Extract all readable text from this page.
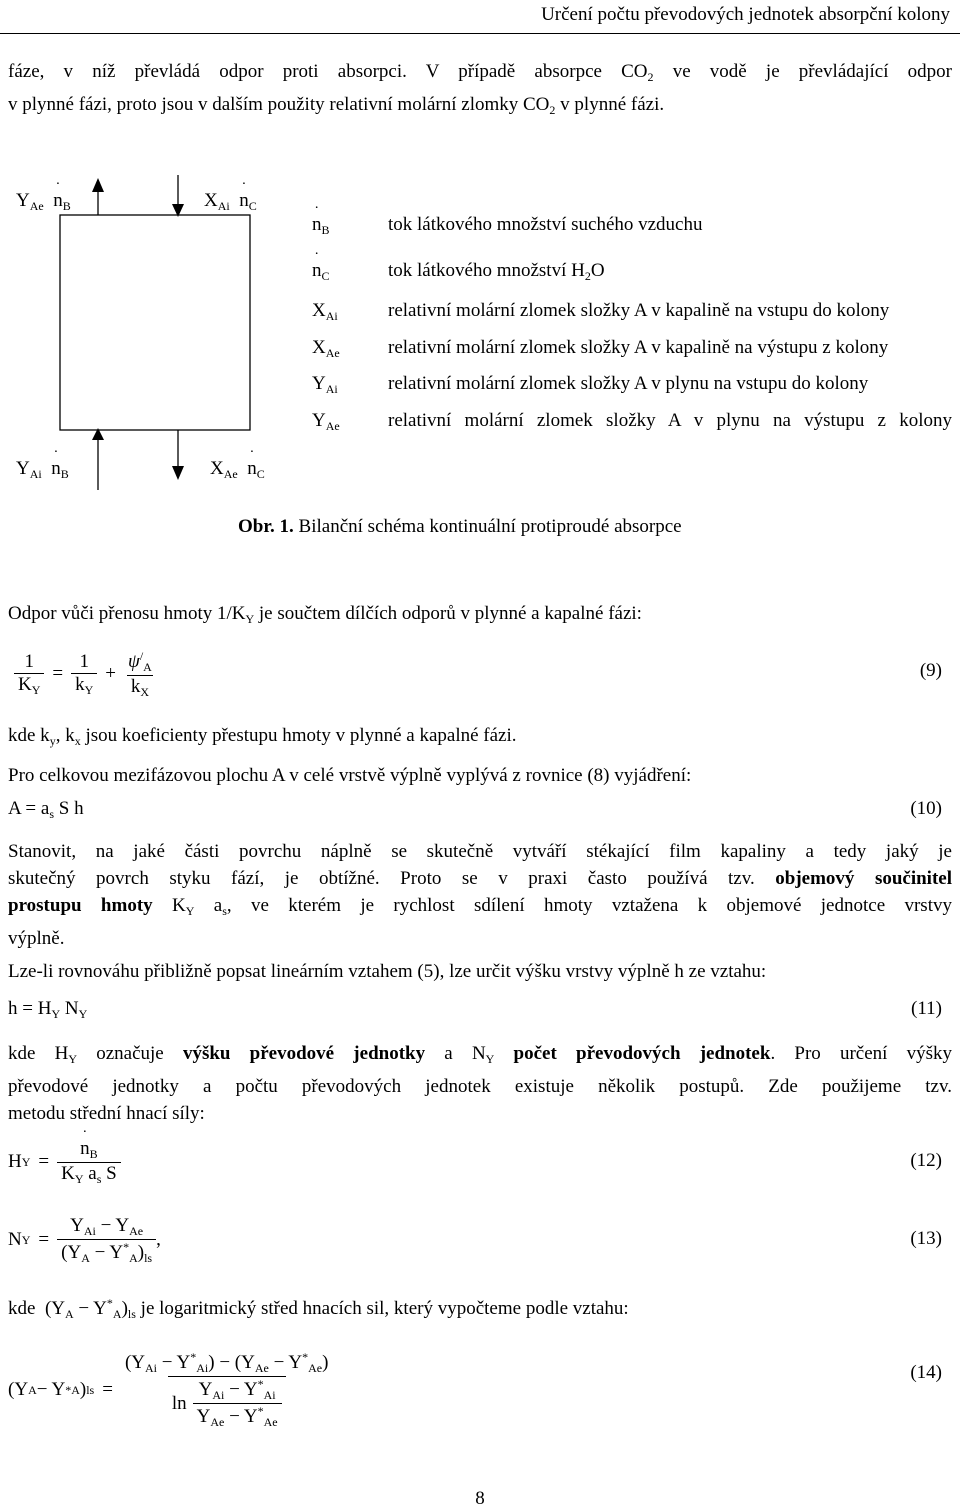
Určení počtu převodových jednotek absorpční kolony
fáze, v níž převládá odpor proti absorpci. V případě absorpce $CO_2$ ve vodě je převládající odpor
v plynné fázi, proto jsou v dalším použity relativní molární zlomky $CO_2$ v plynné fázi.
$Y_{Ae}$ ˙ $n_B$	$X_{Ai}$ ˙ $n_C$
$Y_{Ai}$ ˙ $n_B$	$X_{Ae}$ ˙ $n_C$
˙ $n_B$	tok látkového množství suchého vzduchu
˙ $n_C$	tok látkového množství $H_2O$
$X_{Ai}$	relativní molární zlomek složky A v kapalině na vstupu do kolony
$X_{Ae}$	relativní molární zlomek složky A v kapalině na výstupu z kolony
$Y_{Ai}$	relativní molární zlomek složky A v plynu na vstupu do kolony
$Y_{Ae}$	relativní molární zlomek složky A v plynu na výstupu z kolony
Obr. 1. Bilanční schéma kontinuální protiproudé absorpce
Odpor vůči přenosu hmoty $1/K_Y$ je součtem dílčích odporů v plynné a kapalné fázi:
$\frac{1}{K_Y} = \frac{1}{k_Y} + \frac{\psi^/_A}{k_X}$	(9)
kde $k_y$, $k_x$ jsou koeficienty přestupu hmoty v plynné a kapalné fázi.
Pro celkovou mezifázovou plochu A v celé vrstvě výplně vyplývá z rovnice (8) vyjádření:
$A = a_s$ S h	(10)
Stanovit, na jaké části povrchu náplně se skutečně vytváří stékající film kapaliny a tedy jaký je
skutečný povrch styku fází, je obtížné. Proto se v praxi často používá tzv. objemový součinitel
prostupu hmoty $K_Y$ $a_s$, ve kterém je rychlost sdílení hmoty vztažena k objemové jednotce vrstvy
výplně.
Lze-li rovnováhu přibližně popsat lineárním vztahem (5), lze určit výšku vrstvy výplně h ze vztahu:
$h = H_Y$ $N_Y$	(11)
kde $H_Y$ označuje výšku převodové jednotky a $N_Y$ počet převodových jednotek. Pro určení výšky
převodové jednotky a počtu převodových jednotek existuje několik postupů. Zde použijeme tzv.
metodu střední hnací síly:
H Y = ˙ $\frac{n_B}{K_Y a_s S}$	(12)
N $Y = \frac{Y_{Ai} - Y_{Ae}}{(Y_A - Y^*_A)_{ls}}$ ,	(13)
kde $(Y_A - Y^*_A)_{ls}$ je logaritmický střed hnacích sil, který vypočteme podle vztahu:
(Y A − Y * A ) ls = $\frac{(Y_{Ai} - Y^*_{Ai}) - (Y_{Ae} - Y^*_{Ae})}{\ln \frac{Y_{Ai} - Y^*_{Ai}}{Y_{Ae} - Y^*_{Ae}}}$	(14)
8
